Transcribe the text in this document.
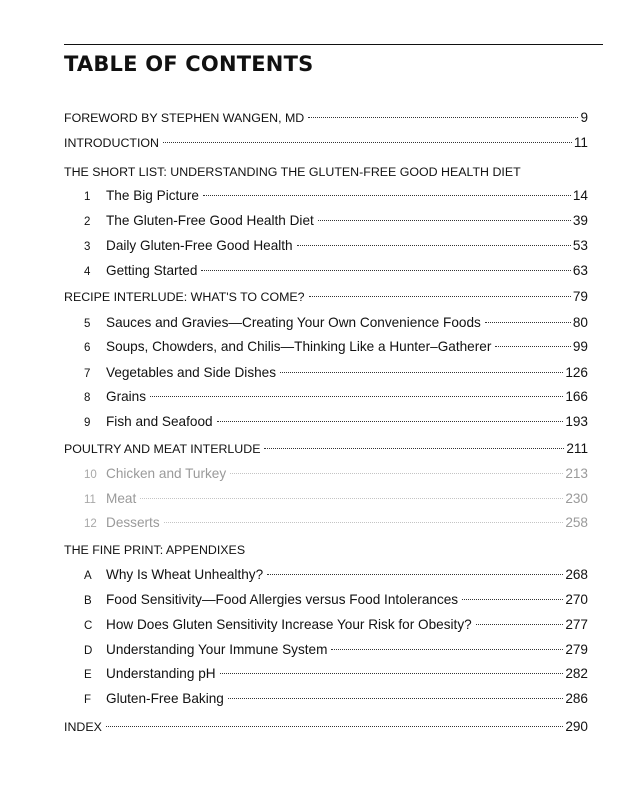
TABLE OF CONTENTS
FOREWORD BY STEPHEN WANGEN, MD	9
INTRODUCTION	11
THE SHORT LIST: UNDERSTANDING THE GLUTEN-FREE GOOD HEALTH DIET
1	The Big Picture	14
2	The Gluten-Free Good Health Diet	39
3	Daily Gluten-Free Good Health	53
4	Getting Started	63
RECIPE INTERLUDE: WHAT'S TO COME?	79
5	Sauces and Gravies—Creating Your Own Convenience Foods	80
6	Soups, Chowders, and Chilis—Thinking Like a Hunter–Gatherer	99
7	Vegetables and Side Dishes	126
8	Grains	166
9	Fish and Seafood	193
POULTRY AND MEAT INTERLUDE	211
10 Chicken and Turkey	213
11 Meat	230
12 Desserts	258
THE FINE PRINT: APPENDIXES
A	Why Is Wheat Unhealthy?	268
B	Food Sensitivity—Food Allergies versus Food Intolerances	270
C	How Does Gluten Sensitivity Increase Your Risk for Obesity?	277
D	Understanding Your Immune System	279
E	Understanding pH	282
F	Gluten-Free Baking	286
INDEX	290
